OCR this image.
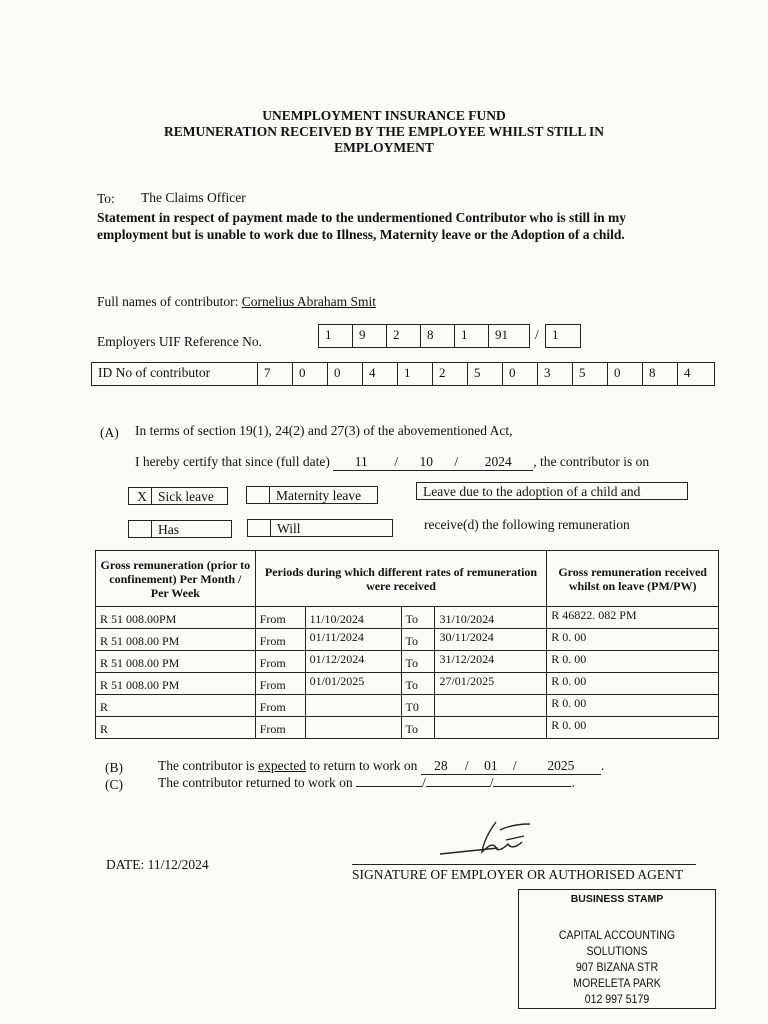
UNEMPLOYMENT INSURANCE FUND
REMUNERATION RECEIVED BY THE EMPLOYEE WHILST STILL IN
EMPLOYMENT
To: The Claims Officer
Statement in respect of payment made to the undermentioned Contributor who is still in my
employment but is unable to work due to Illness, Maternity leave or the Adoption of a child.
Full names of contributor: Cornelius Abraham Smit
Employers UIF Reference No.	1	9	2	8	1	91	/	1
ID No of contributor	7	0	0	4	1	2	5	0	3	5	0	8	4
(A) In terms of section 19(1), 24(2) and 27(3) of the abovementioned Act,
I hereby certify that since (full date) 11 / 10 / 2024 , the contributor is on
X Sick leave	Maternity leave	Leave due to the adoption of a child and
Has	Will	receive(d) the following remuneration
Gross remuneration (prior to confinement) Per Month / Per Week	Periods during which different rates of remuneration were received				Gross remuneration received whilst on leave (PM/PW)
R 51 008.00PM	From	11/10/2024	To	31/10/2024	R 46822. 082 PM
R 51 008.00 PM	From	01/11/2024	To	30/11/2024	R 0. 00
R 51 008.00 PM	From	01/12/2024	To	31/12/2024	R 0. 00
R 51 008.00 PM	From	01/01/2025	To	27/01/2025	R 0. 00
R	From		T0		R 0. 00
R	From		To		R 0. 00
(B)	The contributor is expected to return to work on 28 / 01 / 2025 .
(C)	The contributor returned to work on	/	/	.
DATE: 11/12/2024
SIGNATURE OF EMPLOYER OR AUTHORISED AGENT
BUSINESS STAMP
CAPITAL ACCOUNTING SOLUTIONS
907 BIZANA STR
MORELETA PARK
012 997 5179
